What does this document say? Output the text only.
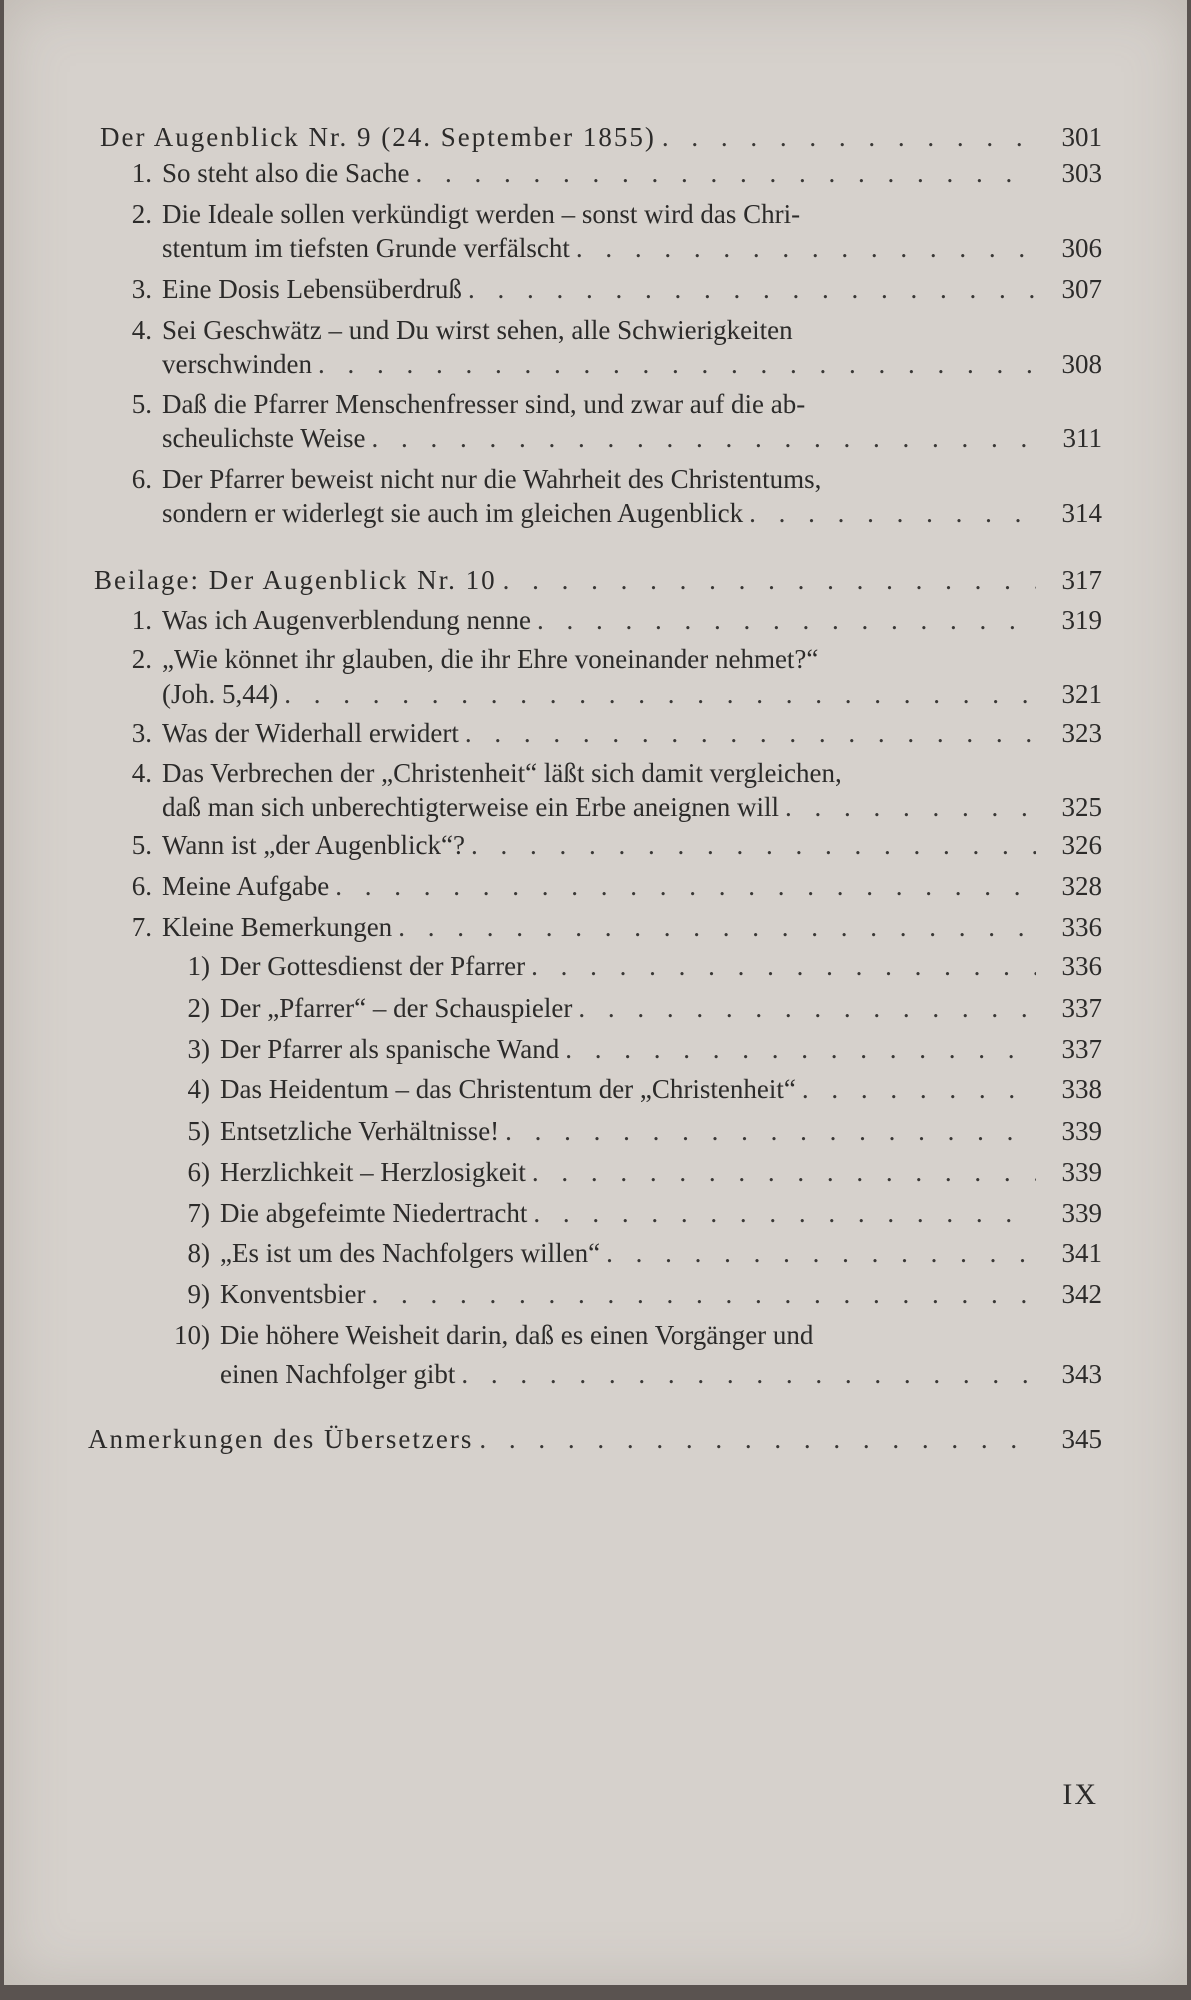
Der Augenblick Nr. 9 (24. September 1855) . . .	301
1. So steht also die Sache . . .	303
2. Die Ideale sollen verkündigt werden – sonst wird das Chri-
stentum im tiefsten Grunde verfälscht . . .	306
3. Eine Dosis Lebensüberdruß . . .	307
4. Sei Geschwätz – und Du wirst sehen, alle Schwierigkeiten
verschwinden . . .	308
5. Daß die Pfarrer Menschenfresser sind, und zwar auf die ab-
scheulichste Weise . . .	311
6. Der Pfarrer beweist nicht nur die Wahrheit des Christentums,
sondern er widerlegt sie auch im gleichen Augenblick . . .	314
Beilage: Der Augenblick Nr. 10 . . .	317
1. Was ich Augenverblendung nenne . . .	319
2. „Wie könnet ihr glauben, die ihr Ehre voneinander nehmet?“
(Joh. 5,44) . . .	321
3. Was der Widerhall erwidert . . .	323
4. Das Verbrechen der „Christenheit“ läßt sich damit vergleichen,
daß man sich unberechtigterweise ein Erbe aneignen will . . .	325
5. Wann ist „der Augenblick“? . . .	326
6. Meine Aufgabe . . .	328
7. Kleine Bemerkungen . . .	336
1) Der Gottesdienst der Pfarrer . . .	336
2) Der „Pfarrer“ – der Schauspieler . . .	337
3) Der Pfarrer als spanische Wand . . .	337
4) Das Heidentum – das Christentum der „Christenheit“ . . .	338
5) Entsetzliche Verhältnisse! . . .	339
6) Herzlichkeit – Herzlosigkeit . . .	339
7) Die abgefeimte Niedertracht . . .	339
8) „Es ist um des Nachfolgers willen“ . . .	341
9) Konventsbier . . .	342
10) Die höhere Weisheit darin, daß es einen Vorgänger und
einen Nachfolger gibt . . .	343
Anmerkungen des Übersetzers . . .	345
IX
